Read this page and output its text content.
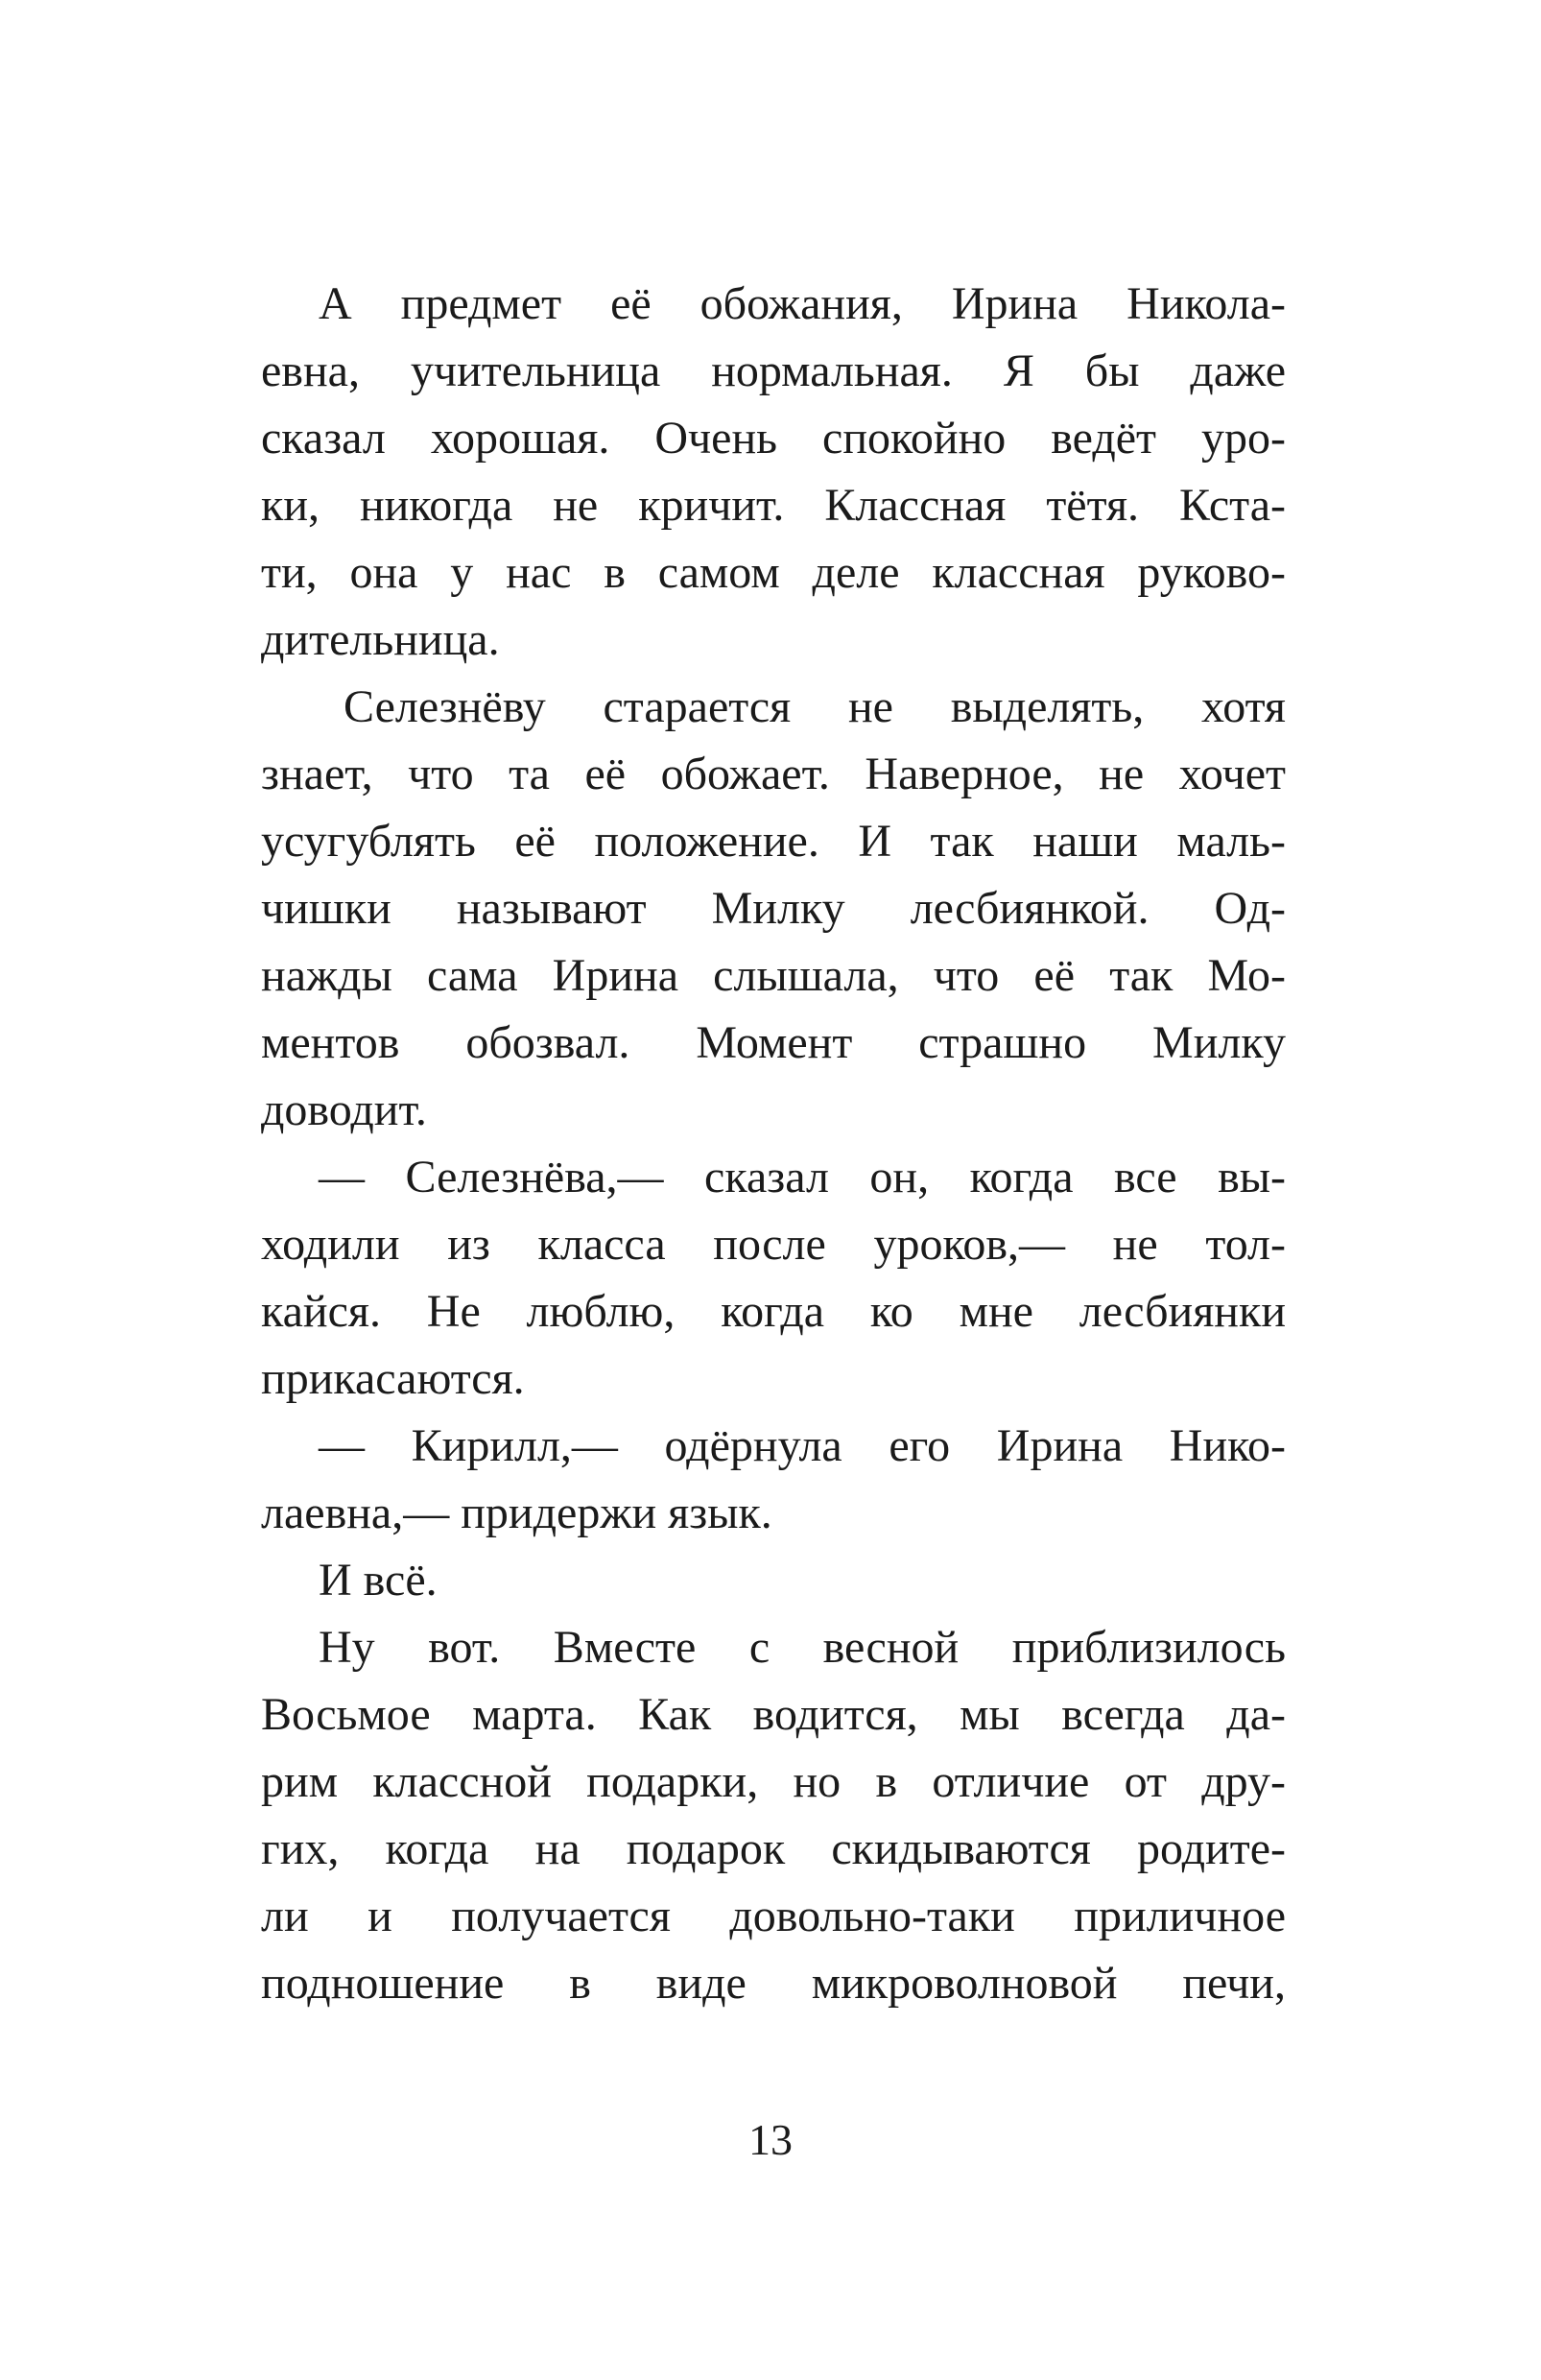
А предмет её обожания, Ирина Никола-
евна, учительница нормальная. Я бы даже
сказал хорошая. Очень спокойно ведёт уро-
ки, никогда не кричит. Классная тётя. Кста-
ти, она у нас в самом деле классная руково-
дительница.
Селезнёву старается не выделять, хотя
знает, что та её обожает. Наверное, не хочет
усугублять её положение. И так наши маль-
чишки называют Милку лесбиянкой. Од-
нажды сама Ирина слышала, что её так Мо-
ментов обозвал. Момент страшно Милку
доводит.
— Селезнёва,— сказал он, когда все вы-
ходили из класса после уроков,— не тол-
кайся. Не люблю, когда ко мне лесбиянки
прикасаются.
— Кирилл,— одёрнула его Ирина Нико-
лаевна,— придержи язык.
И всё.
Ну вот. Вместе с весной приблизилось
Восьмое марта. Как водится, мы всегда да-
рим классной подарки, но в отличие от дру-
гих, когда на подарок скидываются родите-
ли и получается довольно-таки приличное
подношение в виде микроволновой печи,
13
